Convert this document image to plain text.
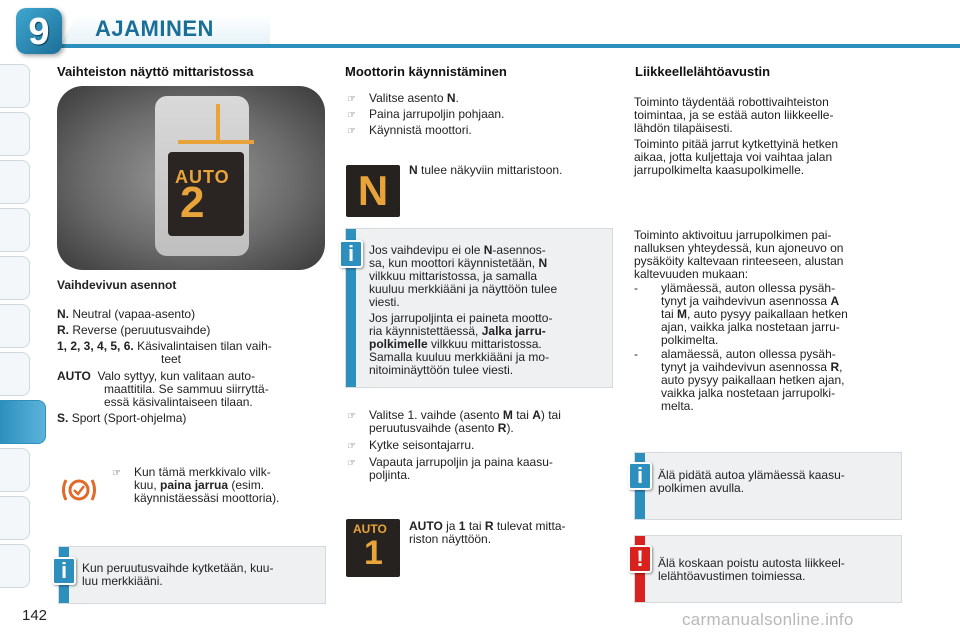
9	AJAMINEN
Vaihteiston näyttö mittaristossa
AUTO
2
Vaihdevivun asennot
N. Neutral (vapaa-asento)
R. Reverse (peruutusvaihde)
1, 2, 3, 4, 5, 6. Käsivalintaisen tilan vaih-
teet
AUTO Valo syttyy, kun valitaan auto-
maattitila. Se sammuu siirryttä-
essä käsivalintaiseen tilaan.
S. Sport (Sport-ohjelma)
☞ Kun tämä merkkivalo vilk-
kuu, paina jarrua (esim.
käynnistäessäsi moottoria).
i	Kun peruutusvaihde kytketään, kuu-
luu merkkiääni.
Moottorin käynnistäminen
☞ Valitse asento N.
☞ Paina jarrupoljin pohjaan.
☞ Käynnistä moottori.
N	N tulee näkyviin mittaristoon.
i	Jos vaihdevipu ei ole N-asennos-
sa, kun moottori käynnistetään, N
vilkkuu mittaristossa, ja samalla
kuuluu merkkiääni ja näyttöön tulee
viesti.
Jos jarrupoljinta ei paineta mootto-
ria käynnistettäessä, Jalka jarru-
polkimelle vilkkuu mittaristossa.
Samalla kuuluu merkkiääni ja mo-
nitoiminäyttöön tulee viesti.
☞ Valitse 1. vaihde (asento M tai A) tai
peruutusvaihde (asento R).
☞ Kytke seisontajarru.
☞ Vapauta jarrupoljin ja paina kaasu-
poljinta.
AUTO
1
AUTO ja 1 tai R tulevat mitta-
riston näyttöön.
Liikkeellelähtöavustin
Toiminto täydentää robottivaihteiston
toimintaa, ja se estää auton liikkeelle-
lähdön tilapäisesti.
Toiminto pitää jarrut kytkettyinä hetken
aikaa, jotta kuljettaja voi vaihtaa jalan
jarrupolkimelta kaasupolkimelle.
Toiminto aktivoituu jarrupolkimen pai-
nalluksen yhteydessä, kun ajoneuvo on
pysäköity kaltevaan rinteeseen, alustan
kaltevuuden mukaan:
- ylämäessä, auton ollessa pysäh-
tynyt ja vaihdevivun asennossa A
tai M, auto pysyy paikallaan hetken
ajan, vaikka jalka nostetaan jarru-
polkimelta.
- alamäessä, auton ollessa pysäh-
tynyt ja vaihdevivun asennossa R,
auto pysyy paikallaan hetken ajan,
vaikka jalka nostetaan jarrupolki-
melta.
i	Älä pidätä autoa ylämäessä kaasu-
polkimen avulla.
!	Älä koskaan poistu autosta liikkeel-
lelähtöavustimen toimiessa.
142	carmanualsonline.info
